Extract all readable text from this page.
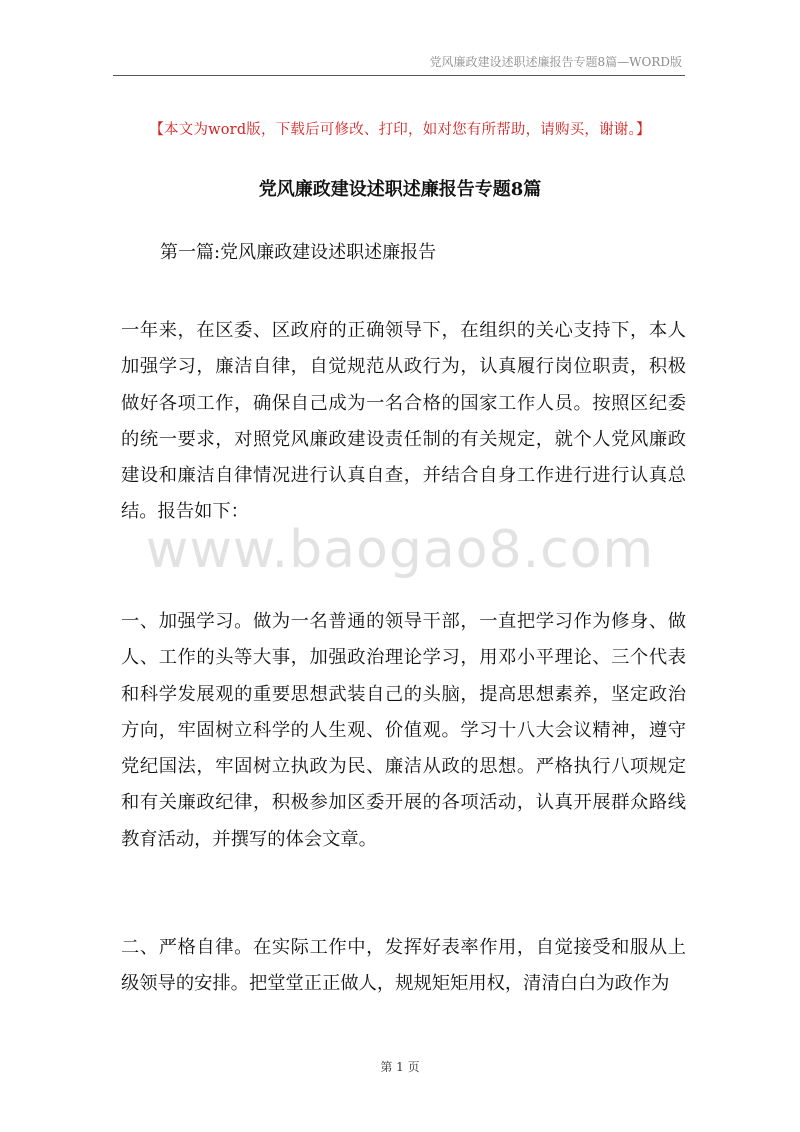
党风廉政建设述职述廉报告专题8篇—WORD版
【本文为word版，下载后可修改、打印，如对您有所帮助，请购买，谢谢。】
党风廉政建设述职述廉报告专题8篇
第一篇:党风廉政建设述职述廉报告

一年来，在区委、区政府的正确领导下，在组织的关心支持下，本人加强学习，廉洁自律，自觉规范从政行为，认真履行岗位职责，积极做好各项工作，确保自己成为一名合格的国家工作人员。按照区纪委的统一要求，对照党风廉政建设责任制的有关规定，就个人党风廉政建设和廉洁自律情况进行认真自查，并结合自身工作进行进行认真总结。报告如下：

一、加强学习。做为一名普通的领导干部，一直把学习作为修身、做人、工作的头等大事，加强政治理论学习，用邓小平理论、三个代表和科学发展观的重要思想武装自己的头脑，提高思想素养，坚定政治方向，牢固树立科学的人生观、价值观。学习十八大会议精神，遵守党纪国法，牢固树立执政为民、廉洁从政的思想。严格执行八项规定和有关廉政纪律，积极参加区委开展的各项活动，认真开展群众路线教育活动，并撰写的体会文章。

二、严格自律。在实际工作中，发挥好表率作用，自觉接受和服从上级领导的安排。把堂堂正正做人，规规矩矩用权，清清白白为政作为

www.baogao8.com
第 1 页
